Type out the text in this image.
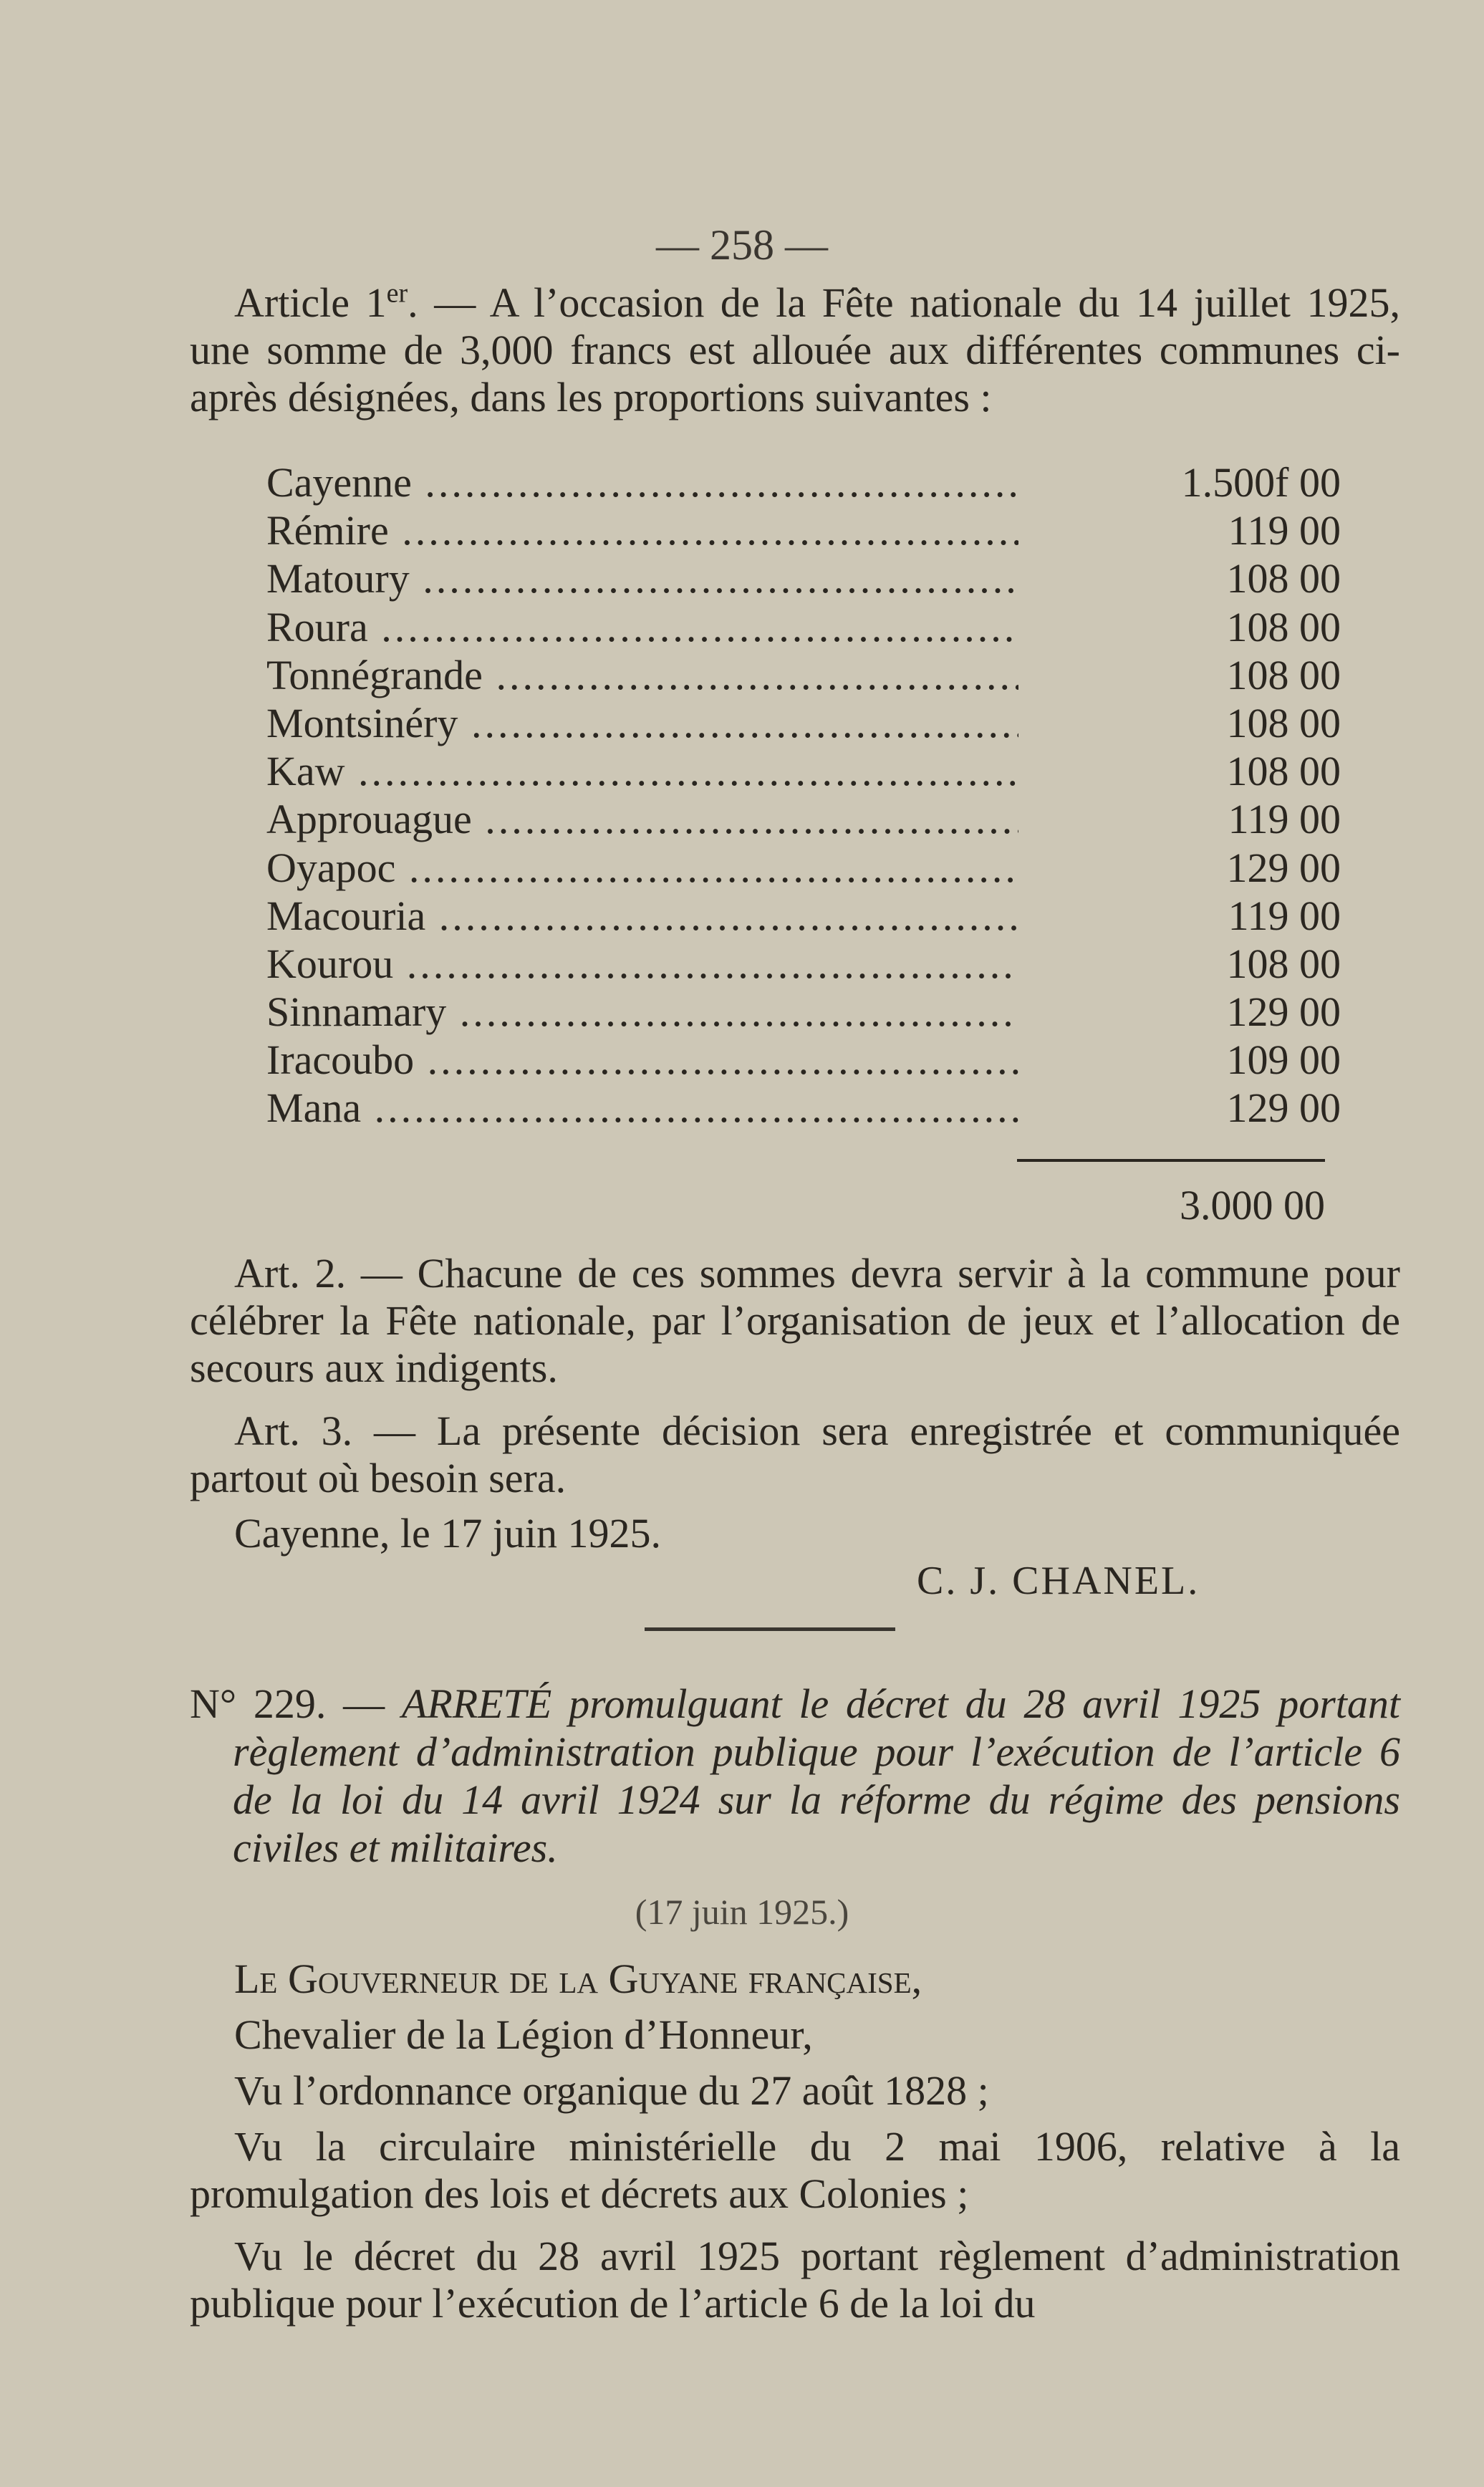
— 258 —
Article 1er. — A l’occasion de la Fête nationale du 14 juillet 1925, une somme de 3,000 francs est allouée aux différentes communes ci-après désignées, dans les proportions suivantes :
Cayenne .....	1.500f 00
Rémire .....	119 00
Matoury .....	108 00
Roura .....	108 00
Tonnégrande .....	108 00
Montsinéry .....	108 00
Kaw .....	108 00
Approuague .....	119 00
Oyapoc .....	129 00
Macouria .....	119 00
Kourou .....	108 00
Sinnamary .....	129 00
Iracoubo .....	109 00
Mana .....	129 00
3.000 00
Art. 2. — Chacune de ces sommes devra servir à la commune pour célébrer la Fête nationale, par l’organisation de jeux et l’allocation de secours aux indigents.
Art. 3. — La présente décision sera enregistrée et communiquée partout où besoin sera.
Cayenne, le 17 juin 1925.
C. J. CHANEL.
N° 229. — ARRETÉ promulguant le décret du 28 avril 1925 portant règlement d’administration publique pour l’exécution de l’article 6 de la loi du 14 avril 1924 sur la réforme du régime des pensions civiles et militaires.
(17 juin 1925.)
Le Gouverneur de la Guyane française,
Chevalier de la Légion d’Honneur,
Vu l’ordonnance organique du 27 août 1828 ;
Vu la circulaire ministérielle du 2 mai 1906, relative à la promulgation des lois et décrets aux Colonies ;
Vu le décret du 28 avril 1925 portant règlement d’administration publique pour l’exécution de l’article 6 de la loi du
